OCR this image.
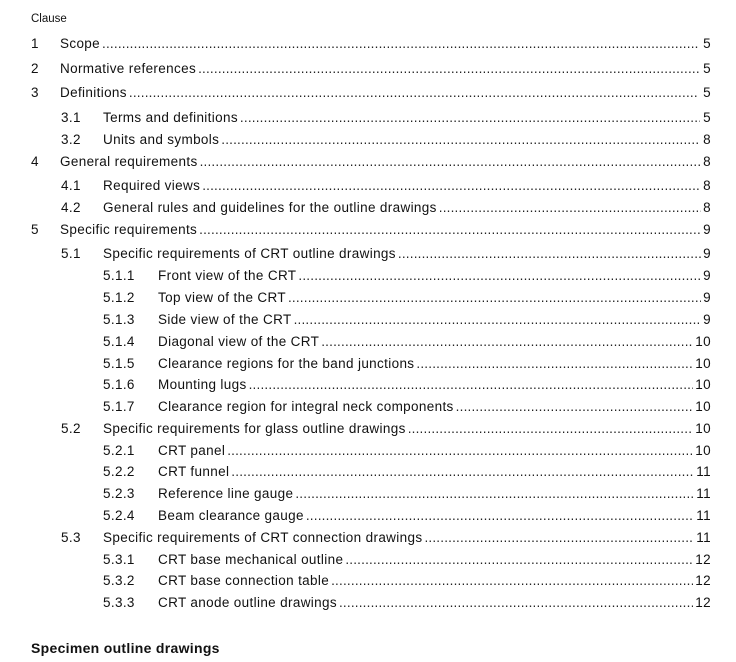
Clause
1 Scope .....	5
2 Normative references .....	5
3 Definitions .....	5
3.1 Terms and definitions .....	5
3.2 Units and symbols .....	8
4 General requirements .....	8
4.1 Required views .....	8
4.2 General rules and guidelines for the outline drawings .....	8
5 Specific requirements .....	9
5.1 Specific requirements of CRT outline drawings .....	9
5.1.1 Front view of the CRT .....	9
5.1.2 Top view of the CRT .....	9
5.1.3 Side view of the CRT .....	9
5.1.4 Diagonal view of the CRT .....	10
5.1.5 Clearance regions for the band junctions .....	10
5.1.6 Mounting lugs .....	10
5.1.7 Clearance region for integral neck components .....	10
5.2 Specific requirements for glass outline drawings .....	10
5.2.1 CRT panel .....	10
5.2.2 CRT funnel .....	11
5.2.3 Reference line gauge .....	11
5.2.4 Beam clearance gauge .....	11
5.3 Specific requirements of CRT connection drawings .....	11
5.3.1 CRT base mechanical outline .....	12
5.3.2 CRT base connection table .....	12
5.3.3 CRT anode outline drawings .....	12
Specimen outline drawings
